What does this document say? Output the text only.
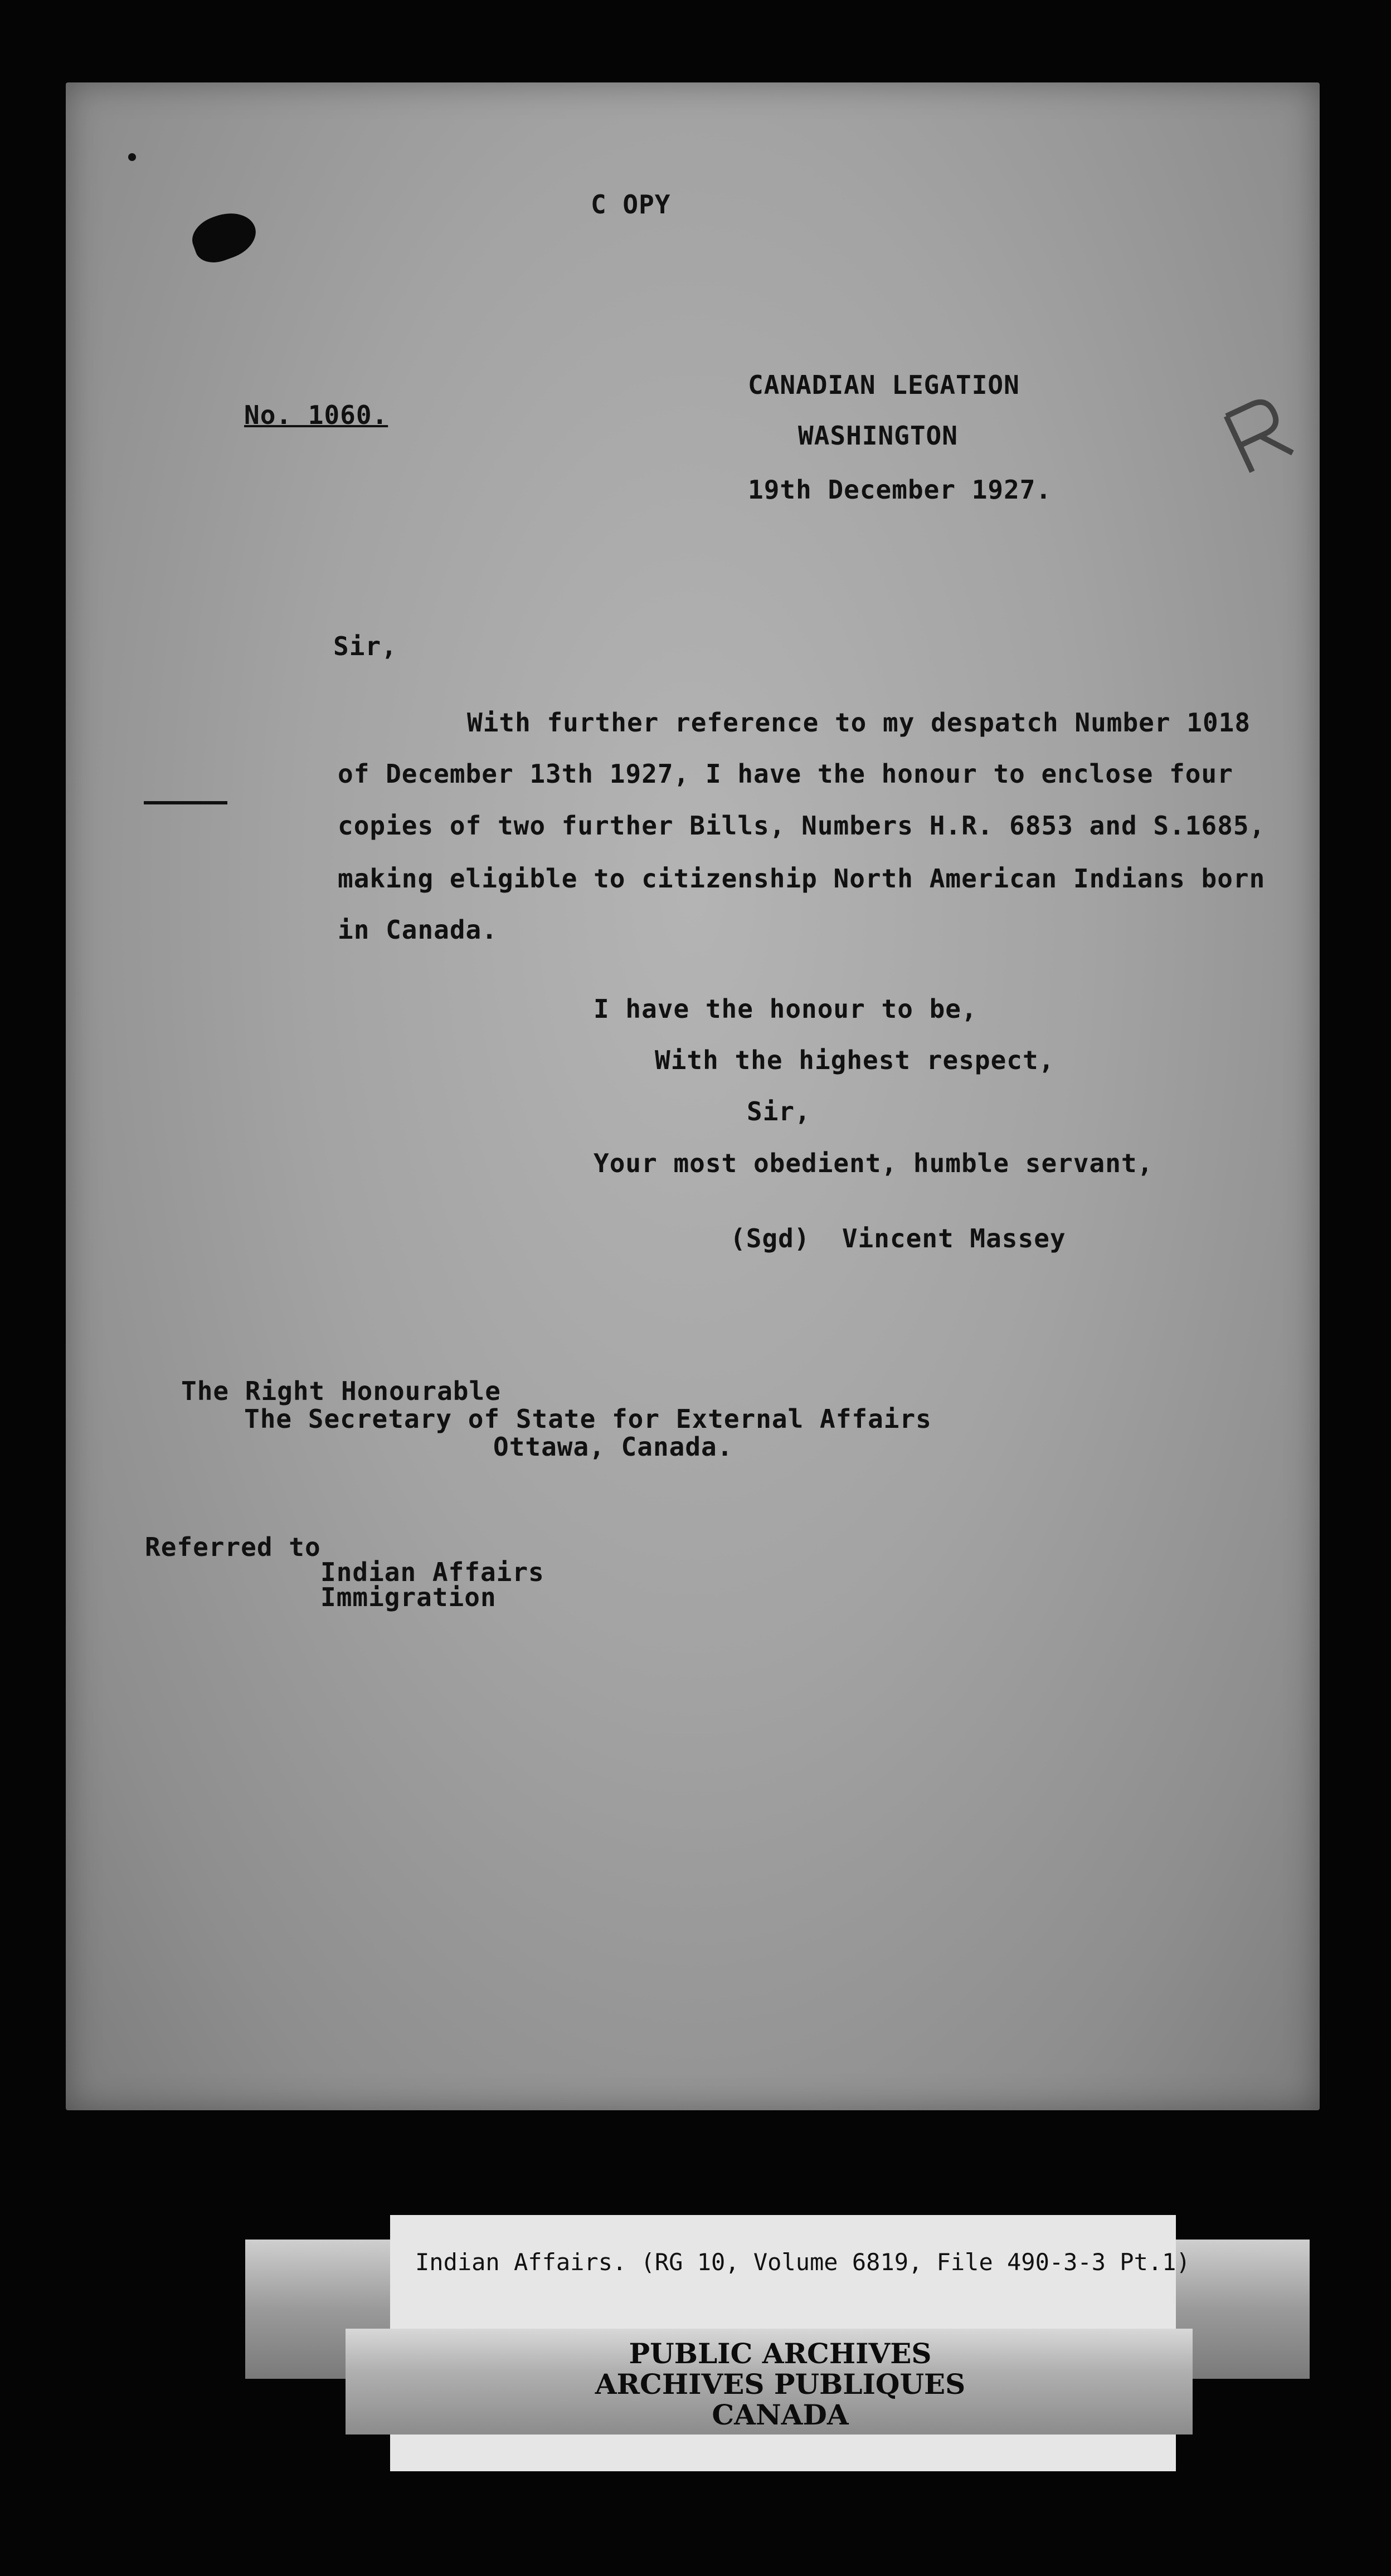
C OPY
No. 1060.
CANADIAN LEGATION
WASHINGTON
19th December 1927.
Sir,
With further reference to my despatch Number 1018
of December 13th 1927, I have the honour to enclose four
copies of two further Bills, Numbers H.R. 6853 and S.1685,
making eligible to citizenship North American Indians born
in Canada.
I have the honour to be,
With the highest respect,
Sir,
Your most obedient, humble servant,
(Sgd)  Vincent Massey
The Right Honourable
The Secretary of State for External Affairs
Ottawa, Canada.
Referred to
Indian Affairs
Immigration
Indian Affairs. (RG 10, Volume 6819, File 490-3-3 Pt.1)
PUBLIC ARCHIVES
ARCHIVES PUBLIQUES
CANADA
